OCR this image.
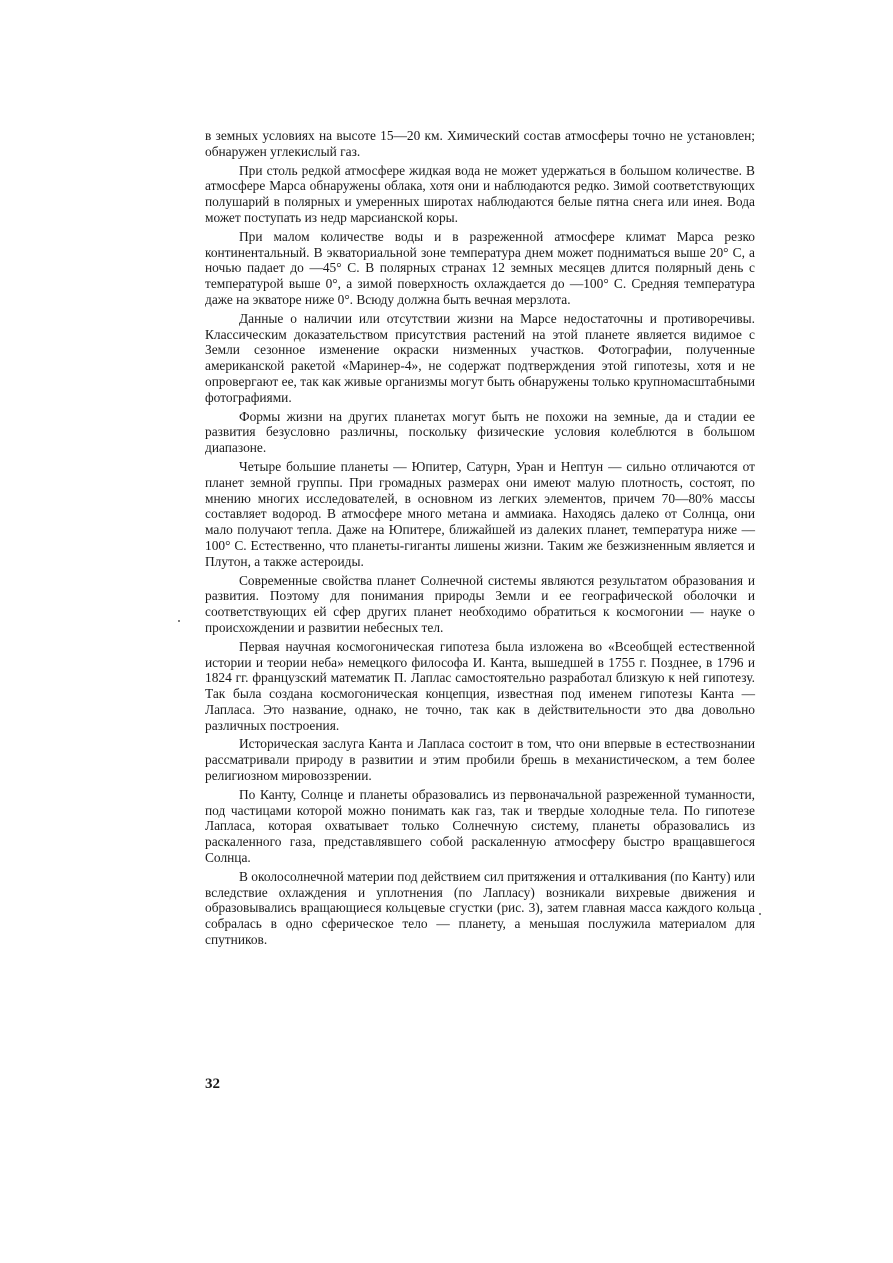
в земных условиях на высоте 15—20 км. Химический состав атмосферы точно не установлен; обнаружен углекислый газ.

При столь редкой атмосфере жидкая вода не может удержаться в большом количестве. В атмосфере Марса обнаружены облака, хотя они и наблюдаются редко. Зимой соответствующих полушарий в полярных и умеренных широтах наблюдаются белые пятна снега или инея. Вода может поступать из недр марсианской коры.

При малом количестве воды и в разреженной атмосфере климат Марса резко континентальный. В экваториальной зоне температура днем может подниматься выше 20° С, а ночью падает до —45° С. В полярных странах 12 земных месяцев длится полярный день с температурой выше 0°, а зимой поверхность охлаждается до —100° С. Средняя температура даже на экваторе ниже 0°. Всюду должна быть вечная мерзлота.

Данные о наличии или отсутствии жизни на Марсе недостаточны и противоречивы. Классическим доказательством присутствия растений на этой планете является видимое с Земли сезонное изменение окраски низменных участков. Фотографии, полученные американской ракетой «Маринер-4», не содержат подтверждения этой гипотезы, хотя и не опровергают ее, так как живые организмы могут быть обнаружены только крупномасштабными фотографиями.

Формы жизни на других планетах могут быть не похожи на земные, да и стадии ее развития безусловно различны, поскольку физические условия колеблются в большом диапазоне.

Четыре большие планеты — Юпитер, Сатурн, Уран и Нептун — сильно отличаются от планет земной группы. При громадных размерах они имеют малую плотность, состоят, по мнению многих исследователей, в основном из легких элементов, причем 70—80% массы составляет водород. В атмосфере много метана и аммиака. Находясь далеко от Солнца, они мало получают тепла. Даже на Юпитере, ближайшей из далеких планет, температура ниже — 100° С. Естественно, что планеты-гиганты лишены жизни. Таким же безжизненным является и Плутон, а также астероиды.

Современные свойства планет Солнечной системы являются результатом образования и развития. Поэтому для понимания природы Земли и ее географической оболочки и соответствующих ей сфер других планет необходимо обратиться к космогонии — науке о происхождении и развитии небесных тел.

Первая научная космогоническая гипотеза была изложена во «Всеобщей естественной истории и теории неба» немецкого философа И. Канта, вышедшей в 1755 г. Позднее, в 1796 и 1824 гг. французский математик П. Лаплас самостоятельно разработал близкую к ней гипотезу. Так была создана космогоническая концепция, известная под именем гипотезы Канта — Лапласа. Это название, однако, не точно, так как в действительности это два довольно различных построения.

Историческая заслуга Канта и Лапласа состоит в том, что они впервые в естествознании рассматривали природу в развитии и этим пробили брешь в механистическом, а тем более религиозном мировоззрении.

По Канту, Солнце и планеты образовались из первоначальной разреженной туманности, под частицами которой можно понимать как газ, так и твердые холодные тела. По гипотезе Лапласа, которая охватывает только Солнечную систему, планеты образовались из раскаленного газа, представлявшего собой раскаленную атмосферу быстро вращавшегося Солнца.

В околосолнечной материи под действием сил притяжения и отталкивания (по Канту) или вследствие охлаждения и уплотнения (по Лапласу) возникали вихревые движения и образовывались вращающиеся кольцевые сгустки (рис. 3), затем главная масса каждого кольца собралась в одно сферическое тело — планету, а меньшая послужила материалом для спутников.

32
